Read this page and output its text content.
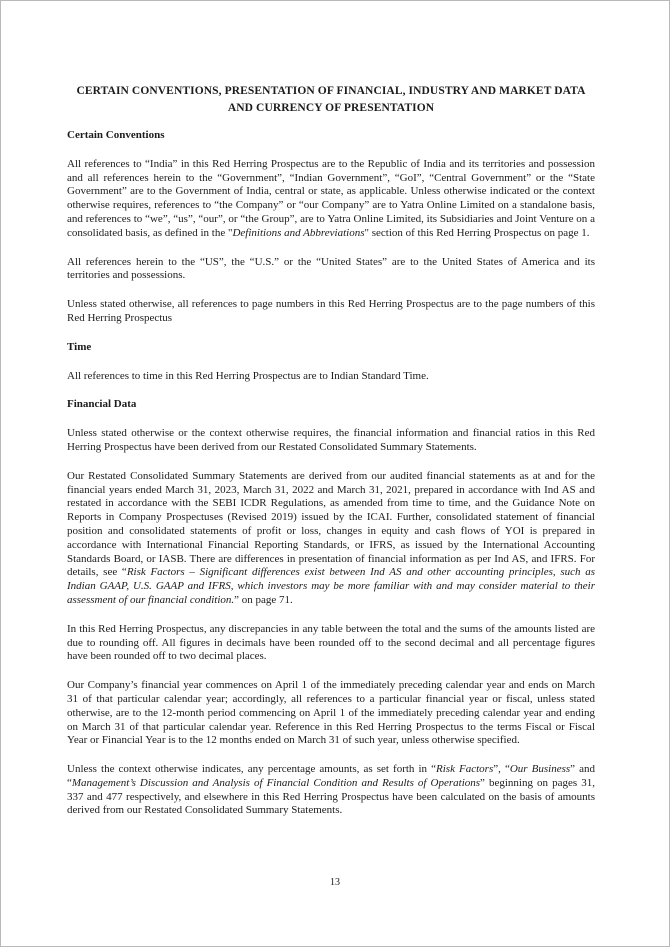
CERTAIN CONVENTIONS, PRESENTATION OF FINANCIAL, INDUSTRY AND MARKET DATA
AND CURRENCY OF PRESENTATION
Certain Conventions

All references to “India” in this Red Herring Prospectus are to the Republic of India and its territories and possession and all references herein to the “Government”, “Indian Government”, “GoI”, “Central Government” or the “State Government” are to the Government of India, central or state, as applicable. Unless otherwise indicated or the context otherwise requires, references to “the Company” or “our Company” are to Yatra Online Limited on a standalone basis, and references to “we”, “us”, “our”, or “the Group”, are to Yatra Online Limited, its Subsidiaries and Joint Venture on a consolidated basis, as defined in the "Definitions and Abbreviations" section of this Red Herring Prospectus on page 1.

All references herein to the “US”, the “U.S.” or the “United States” are to the United States of America and its territories and possessions.

Unless stated otherwise, all references to page numbers in this Red Herring Prospectus are to the page numbers of this Red Herring Prospectus

Time

All references to time in this Red Herring Prospectus are to Indian Standard Time.

Financial Data

Unless stated otherwise or the context otherwise requires, the financial information and financial ratios in this Red Herring Prospectus have been derived from our Restated Consolidated Summary Statements.

Our Restated Consolidated Summary Statements are derived from our audited financial statements as at and for the financial years ended March 31, 2023, March 31, 2022 and March 31, 2021, prepared in accordance with Ind AS and restated in accordance with the SEBI ICDR Regulations, as amended from time to time, and the Guidance Note on Reports in Company Prospectuses (Revised 2019) issued by the ICAI. Further, consolidated statement of financial position and consolidated statements of profit or loss, changes in equity and cash flows of YOI is prepared in accordance with International Financial Reporting Standards, or IFRS, as issued by the International Accounting Standards Board, or IASB. There are differences in presentation of financial information as per Ind AS, and IFRS. For details, see “Risk Factors – Significant differences exist between Ind AS and other accounting principles, such as Indian GAAP, U.S. GAAP and IFRS, which investors may be more familiar with and may consider material to their assessment of our financial condition.” on page 71.

In this Red Herring Prospectus, any discrepancies in any table between the total and the sums of the amounts listed are due to rounding off. All figures in decimals have been rounded off to the second decimal and all percentage figures have been rounded off to two decimal places.

Our Company’s financial year commences on April 1 of the immediately preceding calendar year and ends on March 31 of that particular calendar year; accordingly, all references to a particular financial year or fiscal, unless stated otherwise, are to the 12-month period commencing on April 1 of the immediately preceding calendar year and ending on March 31 of that particular calendar year. Reference in this Red Herring Prospectus to the terms Fiscal or Fiscal Year or Financial Year is to the 12 months ended on March 31 of such year, unless otherwise specified.

Unless the context otherwise indicates, any percentage amounts, as set forth in “Risk Factors”, “Our Business” and “Management’s Discussion and Analysis of Financial Condition and Results of Operations” beginning on pages 31, 337 and 477 respectively, and elsewhere in this Red Herring Prospectus have been calculated on the basis of amounts derived from our Restated Consolidated Summary Statements.

13
